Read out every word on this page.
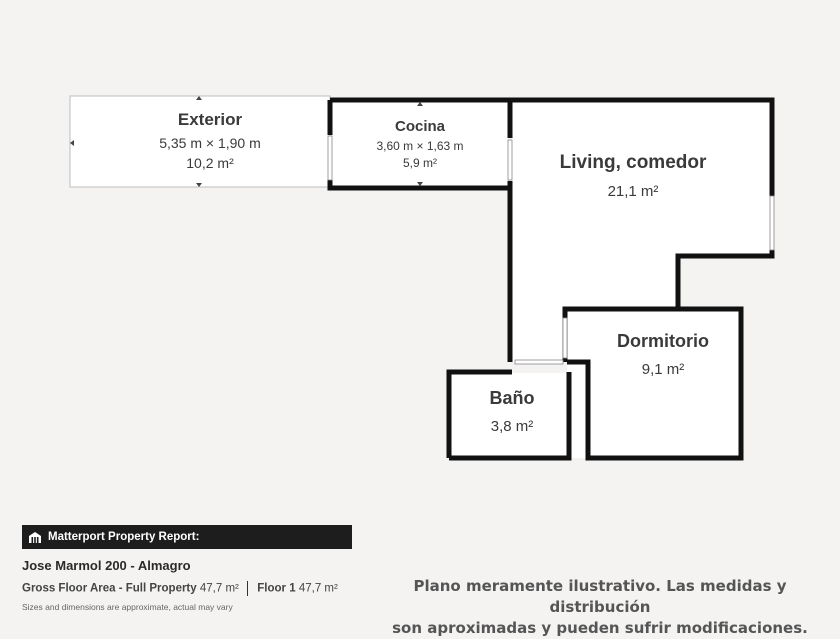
Exterior
5,35 m × 1,90 m
10,2 m²
Cocina
3,60 m × 1,63 m
5,9 m²	Living, comedor
21,1 m²
Dormitorio
9,1 m²
Baño
3,8 m²
Matterport Property Report:
Jose Marmol 200 - Almagro
Gross Floor Area - Full Property 47,7 m² Floor 1 47,7 m²
Sizes and dimensions are approximate, actual may vary
Plano meramente ilustrativo. Las medidas y distribución
son aproximadas y pueden sufrir modificaciones.
